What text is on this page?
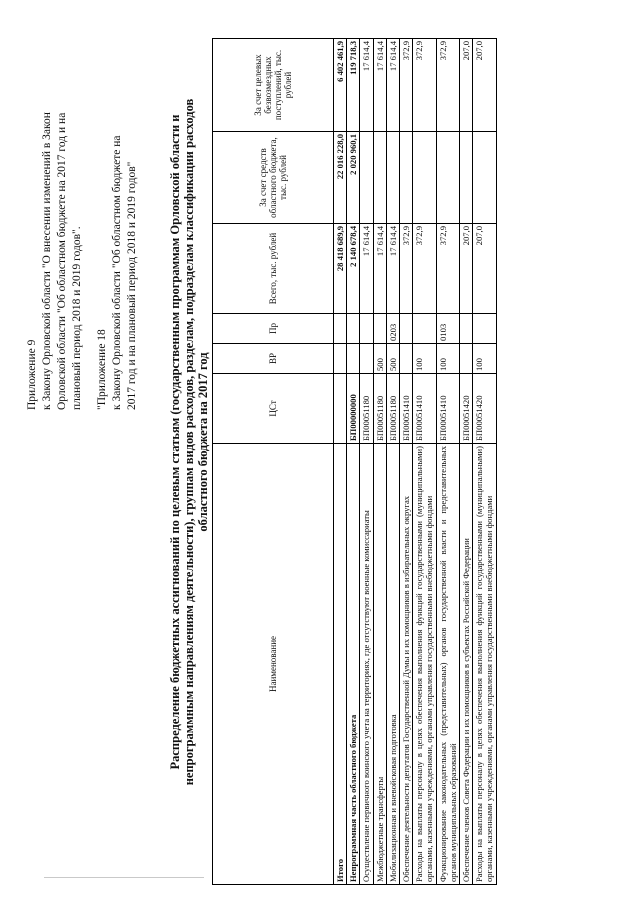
Приложение 9 к Закону Орловской области "О внесении изменений в Закон Орловской области "Об областном бюджете на 2017 год и на плановый период 2018 и 2019 годов". "Приложение 18 к Закону Орловской области "Об областном бюджете на 2017 год и на плановый период 2018 и 2019 годов" Распределение бюджетных ассигнований по целевым статьям (государственным программам Орловской области и непрограммным направлениям деятельности), группам видов расходов, разделам, подразделам классификации расходов областного бюджета на 2017 год
Наименование	ЦСт	ВР	Пр	Всего, тыс. рублей	За счет средств областного бюджета, тыс. рублей	За счет целевых безвозмездных поступлений, тыс. рублей
Итого				28 418 689,9	22 016 228,0	6 402 461,9
Непрограммная часть областного бюджета	БП00000000			2 140 678,4	2 020 960,1	119 718,3
Осуществление первичного воинского учета на территориях, где отсутствуют военные комиссариаты	БП00051180			17 614,4		17 614,4
Межбюджетные трансферты	БП00051180	500		17 614,4		17 614,4
Мобилизационная и вневойсковая подготовка	БП00051180	500	0203	17 614,4		17 614,4
Обеспечение деятельности депутатов Государственной Думы и их помощников в избирательных округах	БП00051410			372,9		372,9
Расходы на выплаты персоналу в целях обеспечения выполнения функций государственными (муниципальными) органами, казенными учреждениями, органами управления государственными внебюджетными фондами	БП00051410	100		372,9		372,9
Функционирование законодательных (представительных) органов государственной власти и представительных органов муниципальных образований	БП00051410	100	0103	372,9		372,9
Обеспечение членов Совета Федерации и их помощников в субъектах Российской Федерации	БП00051420			207,0		207,0
Расходы на выплаты персоналу в целях обеспечения выполнения функций государственными (муниципальными) органами, казенными учреждениями, органами управления государственными внебюджетными фондами	БП00051420	100		207,0		207,0
